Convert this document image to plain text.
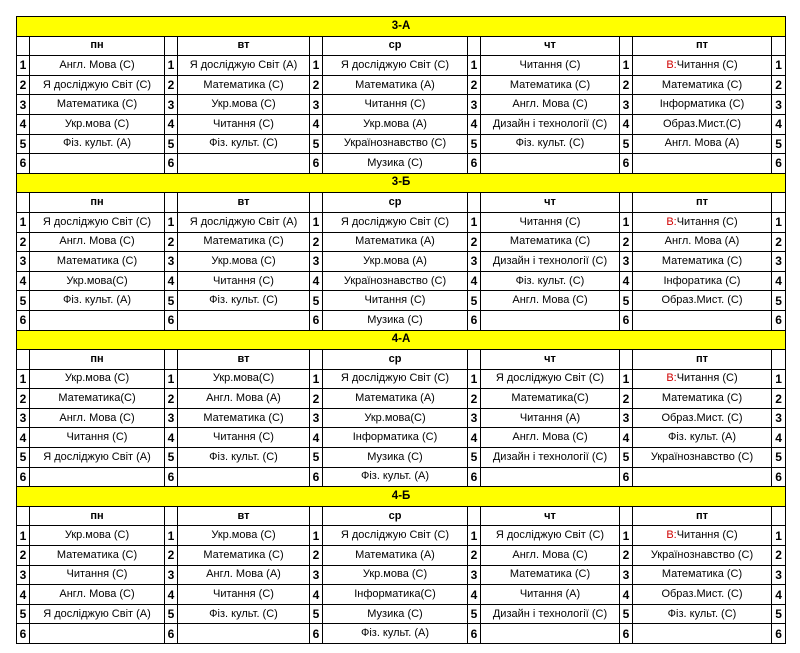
3-А										
	пн		вт		ср		чт		пт	
1	Англ. Мова (С)	1	Я досліджую Світ (А)	1	Я досліджую Світ (С)	1	Читання (С)	1	В:Читання (С)	1
2	Я досліджую Світ (С)	2	Математика (С)	2	Математика (А)	2	Математика (С)	2	Математика (С)	2
3	Математика (С)	3	Укр.мова (С)	3	Читання (С)	3	Англ. Мова (С)	3	Інформатика (С)	3
4	Укр.мова (С)	4	Читання (С)	4	Укр.мова (А)	4	Дизайн і технології (С)	4	Образ.Мист.(С)	4
5	Фіз. культ. (А)	5	Фіз. культ. (С)	5	Українознавство (С)	5	Фіз. культ. (С)	5	Англ. Мова (А)	5
6		6		6	Музика (С)	6		6		6
3-Б										
	пн		вт		ср		чт		пт	
1	Я досліджую Світ (С)	1	Я досліджую Світ (А)	1	Я досліджую Світ (С)	1	Читання (С)	1	В:Читання (С)	1
2	Англ. Мова (С)	2	Математика (С)	2	Математика (А)	2	Математика (С)	2	Англ. Мова (А)	2
3	Математика (С)	3	Укр.мова (С)	3	Укр.мова (А)	3	Дизайн і технології (С)	3	Математика (С)	3
4	Укр.мова(С)	4	Читання (С)	4	Українознавство (С)	4	Фіз. культ. (С)	4	Інфоратика (С)	4
5	Фіз. культ. (А)	5	Фіз. культ. (С)	5	Читання (С)	5	Англ. Мова (С)	5	Образ.Мист. (С)	5
6		6		6	Музика (С)	6		6		6
4-А										
	пн		вт		ср		чт		пт	
1	Укр.мова (С)	1	Укр.мова(С)	1	Я досліджую Світ (С)	1	Я досліджую Світ (С)	1	В:Читання (С)	1
2	Математика(С)	2	Англ. Мова (А)	2	Математика (А)	2	Математика(С)	2	Математика (С)	2
3	Англ. Мова (С)	3	Математика (С)	3	Укр.мова(С)	3	Читання (А)	3	Образ.Мист. (С)	3
4	Читання (С)	4	Читання (С)	4	Інформатика (С)	4	Англ. Мова (С)	4	Фіз. культ. (А)	4
5	Я досліджую Світ (А)	5	Фіз. культ. (С)	5	Музика (С)	5	Дизайн і технології (С)	5	Українознавство (С)	5
6		6		6	Фіз. культ. (А)	6		6		6
4-Б										
	пн		вт		ср		чт		пт	
1	Укр.мова (С)	1	Укр.мова (С)	1	Я досліджую Світ (С)	1	Я досліджую Світ (С)	1	В:Читання (С)	1
2	Математика (С)	2	Математика (С)	2	Математика (А)	2	Англ. Мова (С)	2	Українознавство (С)	2
3	Читання (С)	3	Англ. Мова (А)	3	Укр.мова (С)	3	Математика (С)	3	Математика (С)	3
4	Англ. Мова (С)	4	Читання (С)	4	Інформатика(С)	4	Читання (А)	4	Образ.Мист. (С)	4
5	Я досліджую Світ (А)	5	Фіз. культ. (С)	5	Музика (С)	5	Дизайн і технології (С)	5	Фіз. культ. (С)	5
6		6		6	Фіз. культ. (А)	6		6		6
